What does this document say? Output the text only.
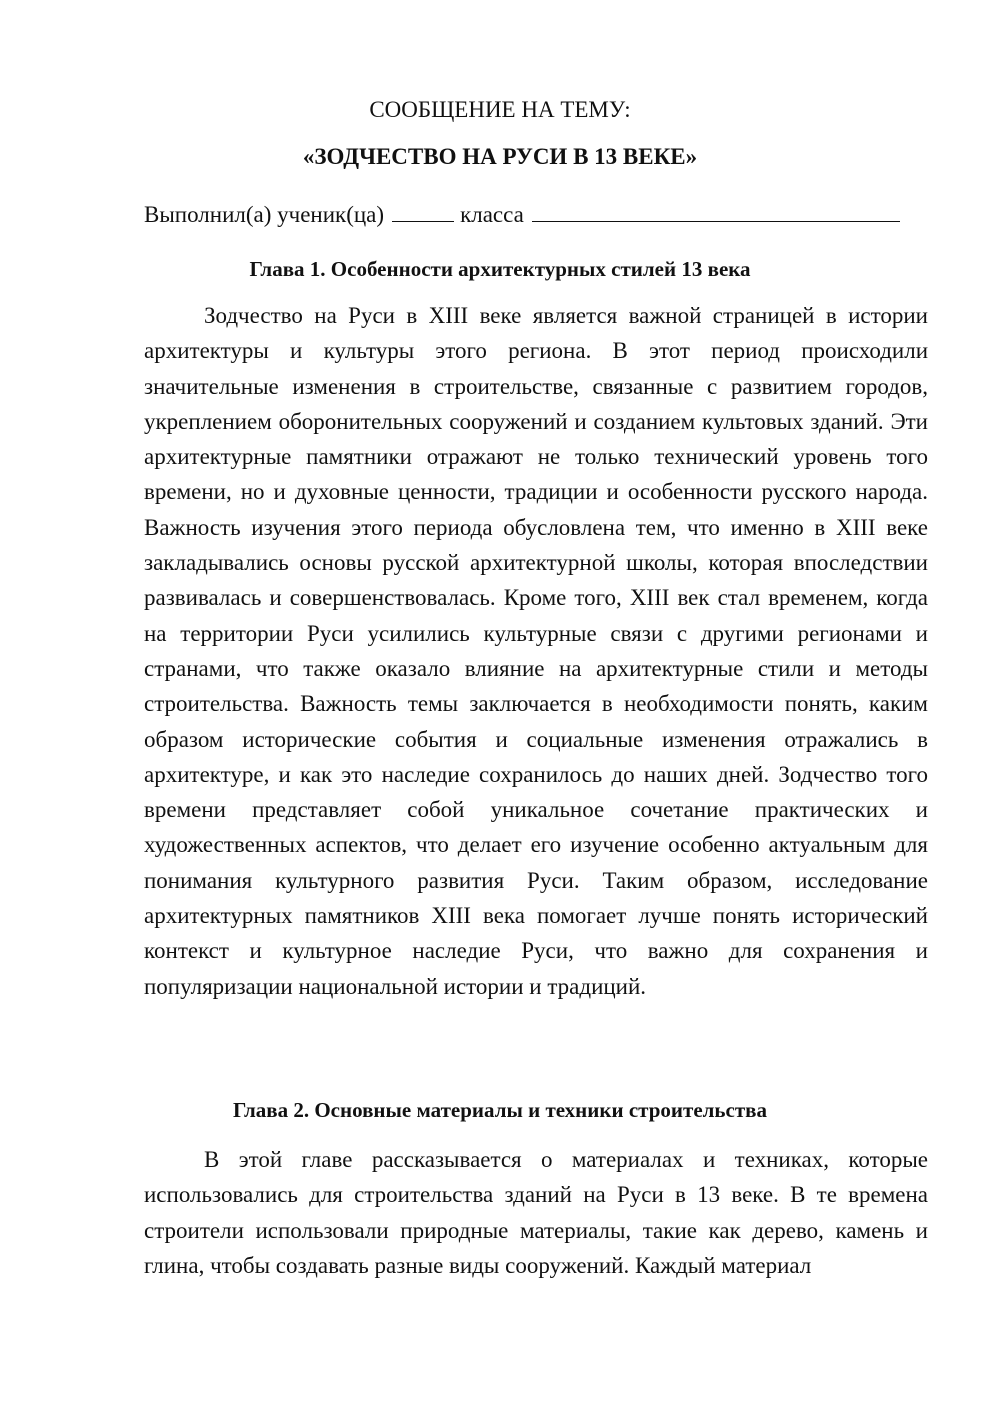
СООБЩЕНИЕ НА ТЕМУ:
«ЗОДЧЕСТВО НА РУСИ В 13 ВЕКЕ»
Выполнил(а) ученик(ца)	класса
Глава 1. Особенности архитектурных стилей 13 века

Зодчество на Руси в XIII веке является важной страницей в истории архитектуры и культуры этого региона. В этот период происходили значительные изменения в строительстве, связанные с развитием городов, укреплением оборонительных сооружений и созданием культовых зданий. Эти архитектурные памятники отражают не только технический уровень того времени, но и духовные ценности, традиции и особенности русского народа. Важность изучения этого периода обусловлена тем, что именно в XIII веке закладывались основы русской архитектурной школы, которая впоследствии развивалась и совершенствовалась. Кроме того, XIII век стал временем, когда на территории Руси усилились культурные связи с другими регионами и странами, что также оказало влияние на архитектурные стили и методы строительства. Важность темы заключается в необходимости понять, каким образом исторические события и социальные изменения отражались в архитектуре, и как это наследие сохранилось до наших дней. Зодчество того времени представляет собой уникальное сочетание практических и художественных аспектов, что делает его изучение особенно актуальным для понимания культурного развития Руси. Таким образом, исследование архитектурных памятников XIII века помогает лучше понять исторический контекст и культурное наследие Руси, что важно для сохранения и популяризации национальной истории и традиций.

Глава 2. Основные материалы и техники строительства

В этой главе рассказывается о материалах и техниках, которые использовались для строительства зданий на Руси в 13 веке. В те времена строители использовали природные материалы, такие как дерево, камень и глина, чтобы создавать разные виды сооружений. Каждый материал
